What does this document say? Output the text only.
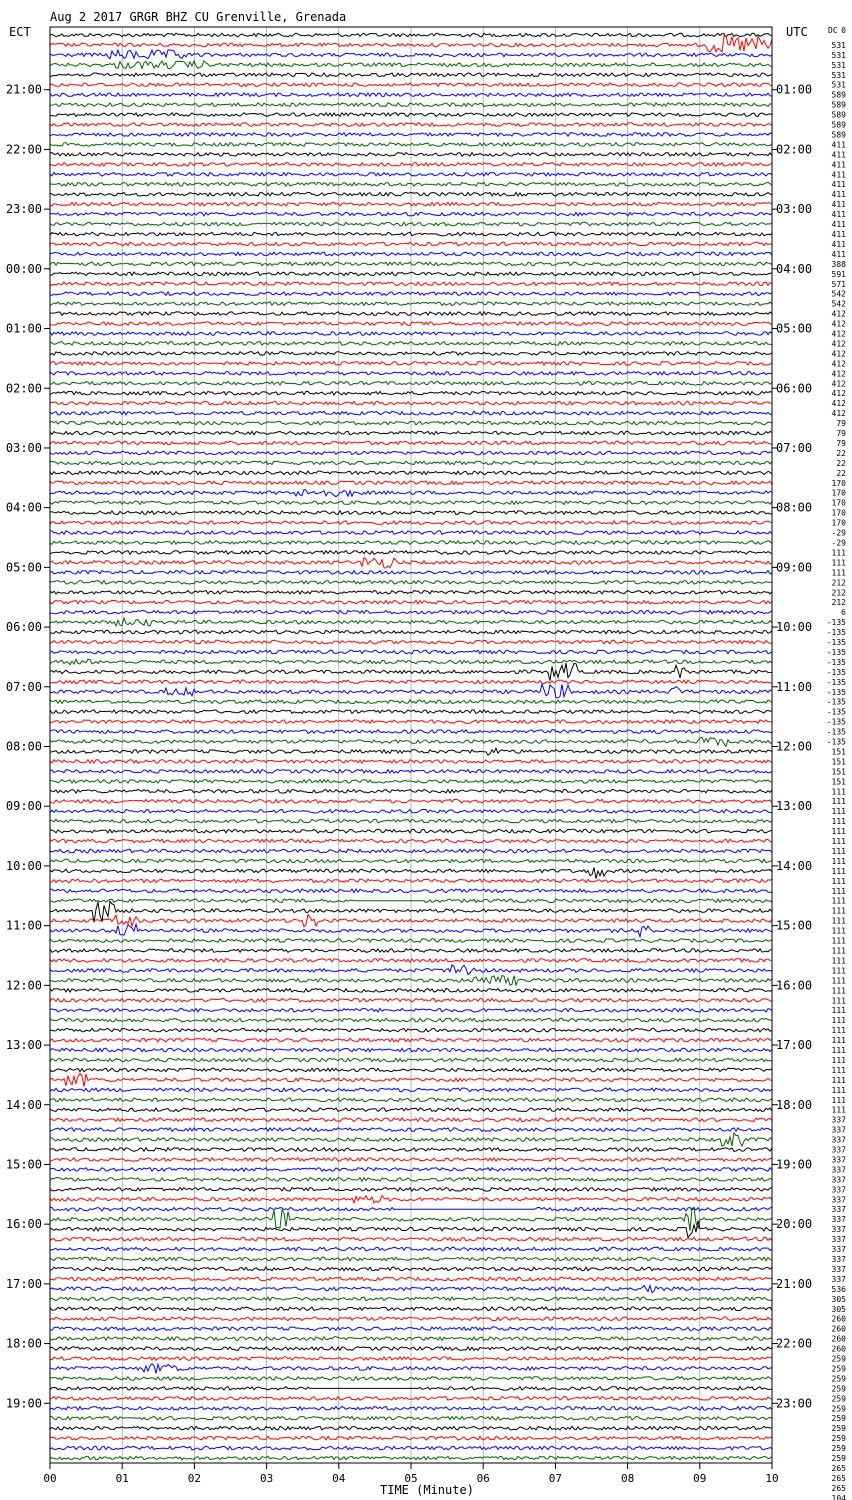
00	01	02	03	04	05	06	07	08	09	10
21:00
22:00
23:00
00:00
01:00
02:00
03:00
04:00
05:00
06:00
07:00
08:00
09:00
10:00
11:00
12:00
13:00
14:00
15:00
16:00
17:00
18:00
19:00
01:00
02:00
03:00
04:00
05:00
06:00
07:00
08:00
09:00
10:00
11:00
12:00
13:00
14:00
15:00
16:00
17:00
18:00
19:00
20:00
21:00
22:00
23:00
531
531
531
531
531
589
589
589
589
589
411
411
411
411
411
411
411
411
411
411
411
411
388
591
571
542
542
412
412
412
412
412
412
412
412
412
412
412
79
79
79
22
22
22
170
170
170
170
170
-29
-29
111
111
111
212
212
212
6
-135
-135
-135
-135
-135
-135
-135
-135
-135
-135
-135
-135
-135
151
151
151
151
111
111
111
111
111
111
111
111
111
111
111
111
111
111
111
111
111
111
111
111
111
111
111
111
111
111
111
111
111
111
111
111
111
337
337
337
337
337
337
337
337
337
337
337
337
337
337
337
337
337
536
305
305
260
260
260
260
259
259
259
259
259
259
259
259
259
259
259
265
265
265
104
0
Aug 2 2017 GRGR BHZ CU Grenville, Grenada
ECT	UTC	DC
TIME (Minute)
